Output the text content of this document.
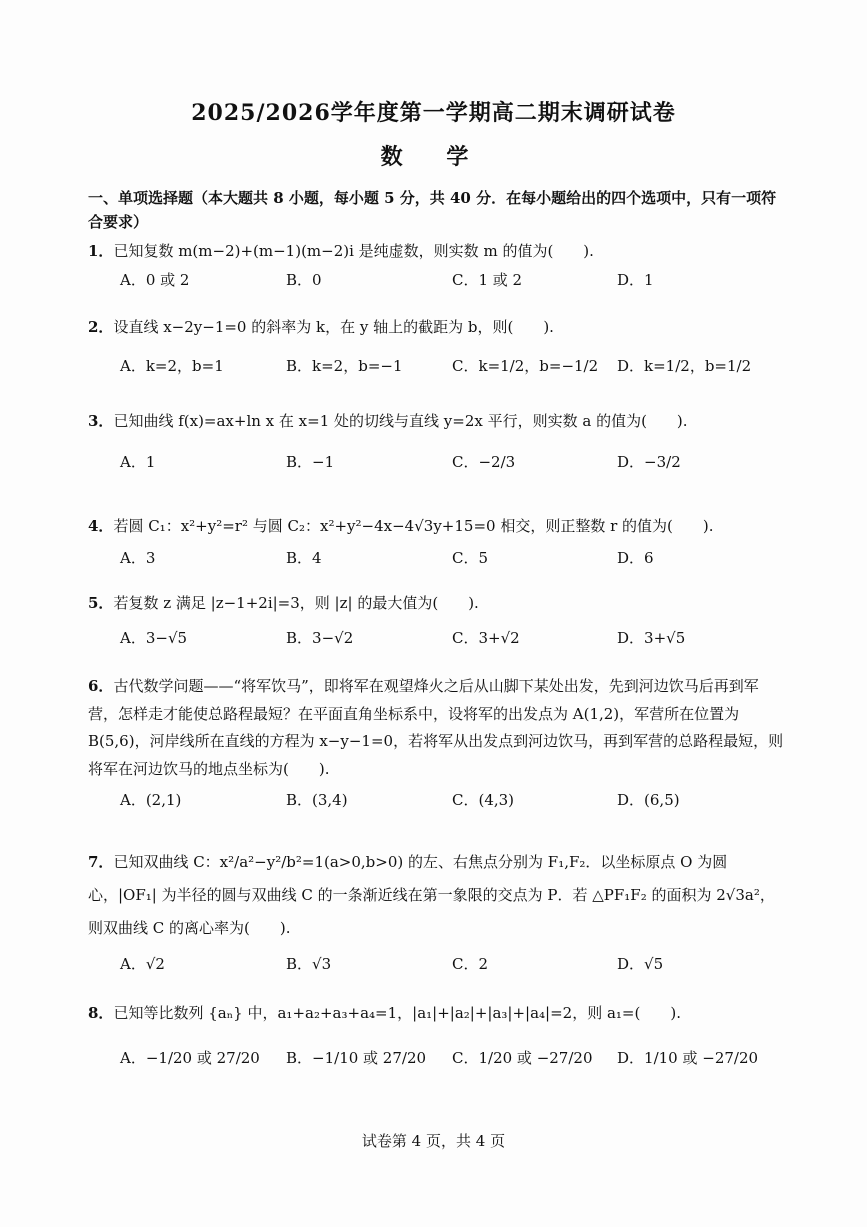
2025/2026学年度第一学期高二期末调研试卷
数 学
一、单项选择题（本大题共 8 小题，每小题 5 分，共 40 分．在每小题给出的四个选项中，只有一项符合要求）
1．已知复数 m(m−2)+(m−1)(m−2)i 是纯虚数，则实数 m 的值为(　　).
A．0 或 2	B．0	C．1 或 2	D．1
2．设直线 x−2y−1=0 的斜率为 k，在 y 轴上的截距为 b，则(　　).
A．k=2，b=1	B．k=2，b=−1	C．k=1/2，b=−1/2 D．k=1/2，b=1/2
3．已知曲线 f(x)=ax+ln x 在 x=1 处的切线与直线 y=2x 平行，则实数 a 的值为(　　).
A．1	B．−1	C．−2/3	D．−3/2
4．若圆 C₁：x²+y²=r² 与圆 C₂：x²+y²−4x−4√3y+15=0 相交，则正整数 r 的值为(　　).
A．3	B．4	C．5	D．6
5．若复数 z 满足 |z−1+2i|=3，则 |z| 的最大值为(　　).
A．3−√5	B．3−√2	C．3+√2	D．3+√5
6．古代数学问题——“将军饮马”，即将军在观望烽火之后从山脚下某处出发，先到河边饮马后再到军营，怎样走才能使总路程最短？在平面直角坐标系中，设将军的出发点为 A(1,2)，军营所在位置为 B(5,6)，河岸线所在直线的方程为 x−y−1=0，若将军从出发点到河边饮马，再到军营的总路程最短，则将军在河边饮马的地点坐标为(　　).
A．(2,1)	B．(3,4)	C．(4,3)	D．(6,5)
7．已知双曲线 C：x²/a²−y²/b²=1(a>0,b>0) 的左、右焦点分别为 F₁,F₂．以坐标原点 O 为圆心，|OF₁| 为半径的圆与双曲线 C 的一条渐近线在第一象限的交点为 P．若 △PF₁F₂ 的面积为 2√3a²，则双曲线 C 的离心率为(　　).
A．√2	B．√3	C．2	D．√5
8．已知等比数列 {aₙ} 中，a₁+a₂+a₃+a₄=1，|a₁|+|a₂|+|a₃|+|a₄|=2，则 a₁=(　　).
A．−1/20 或 27/20 B．−1/10 或 27/20 C．1/20 或 −27/20 D．1/10 或 −27/20
试卷第 4 页，共 4 页
